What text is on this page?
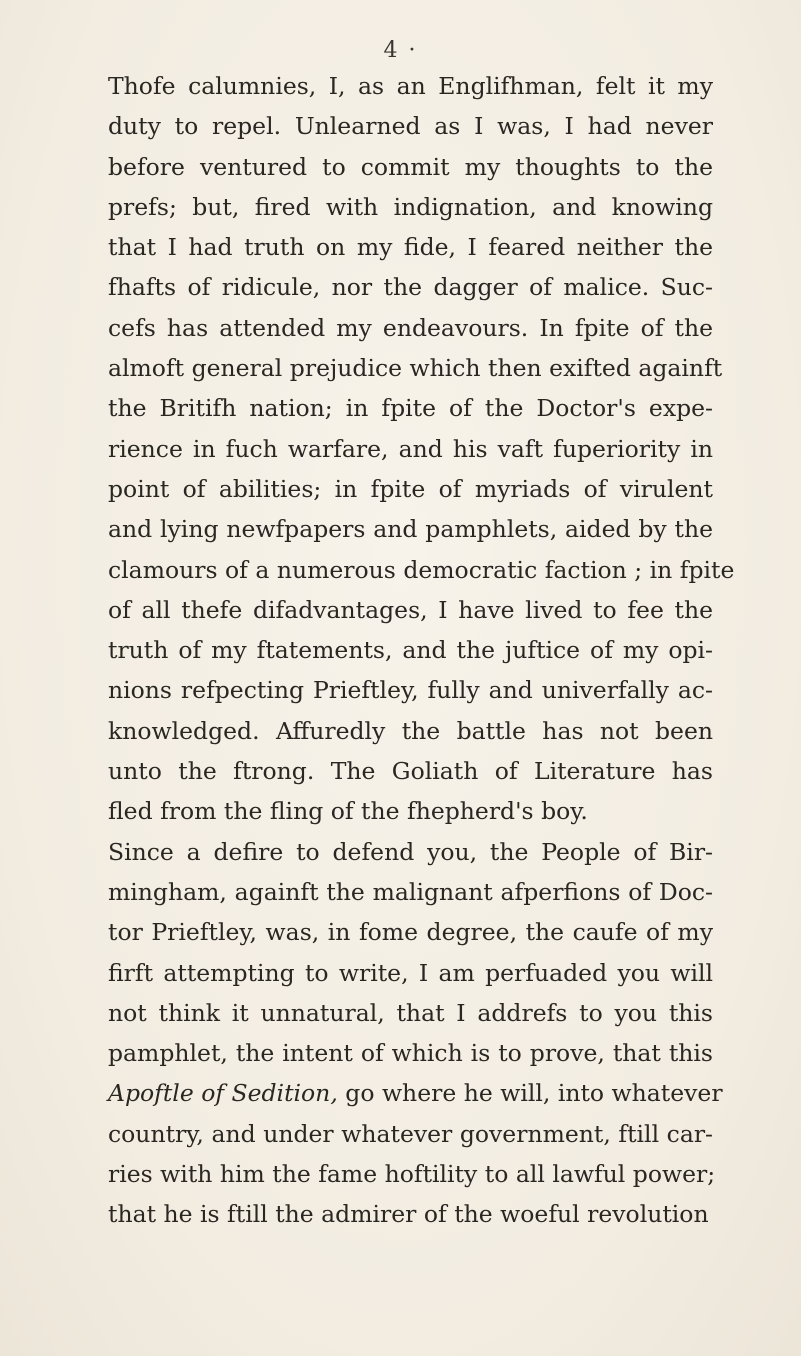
4 ·
Thofe calumnies, I, as an Englifhman, felt it my
duty to repel. Unlearned as I was, I had never
before ventured to commit my thoughts to the
prefs; but, fired with indignation, and knowing
that I had truth on my fide, I feared neither the
fhafts of ridicule, nor the dagger of malice. Suc-
cefs has attended my endeavours. In fpite of the
almoft general prejudice which then exifted againft
the Britifh nation; in fpite of the Doctor's expe-
rience in fuch warfare, and his vaft fuperiority in
point of abilities; in fpite of myriads of virulent
and lying newfpapers and pamphlets, aided by the
clamours of a numerous democratic faction ; in fpite
of all thefe difadvantages, I have lived to fee the
truth of my ftatements, and the juftice of my opi-
nions refpecting Prieftley, fully and univerfally ac-
knowledged. Affuredly the battle has not been
unto the ftrong. The Goliath of Literature has
fled from the fling of the fhepherd's boy.
Since a defire to defend you, the People of Bir-
mingham, againft the malignant afperfions of Doc-
tor Prieftley, was, in fome degree, the caufe of my
firft attempting to write, I am perfuaded you will
not think it unnatural, that I addrefs to you this
pamphlet, the intent of which is to prove, that this
Apoftle of Sedition, go where he will, into whatever
country, and under whatever government, ftill car-
ries with him the fame hoftility to all lawful power;
that he is ftill the admirer of the woeful revolution
